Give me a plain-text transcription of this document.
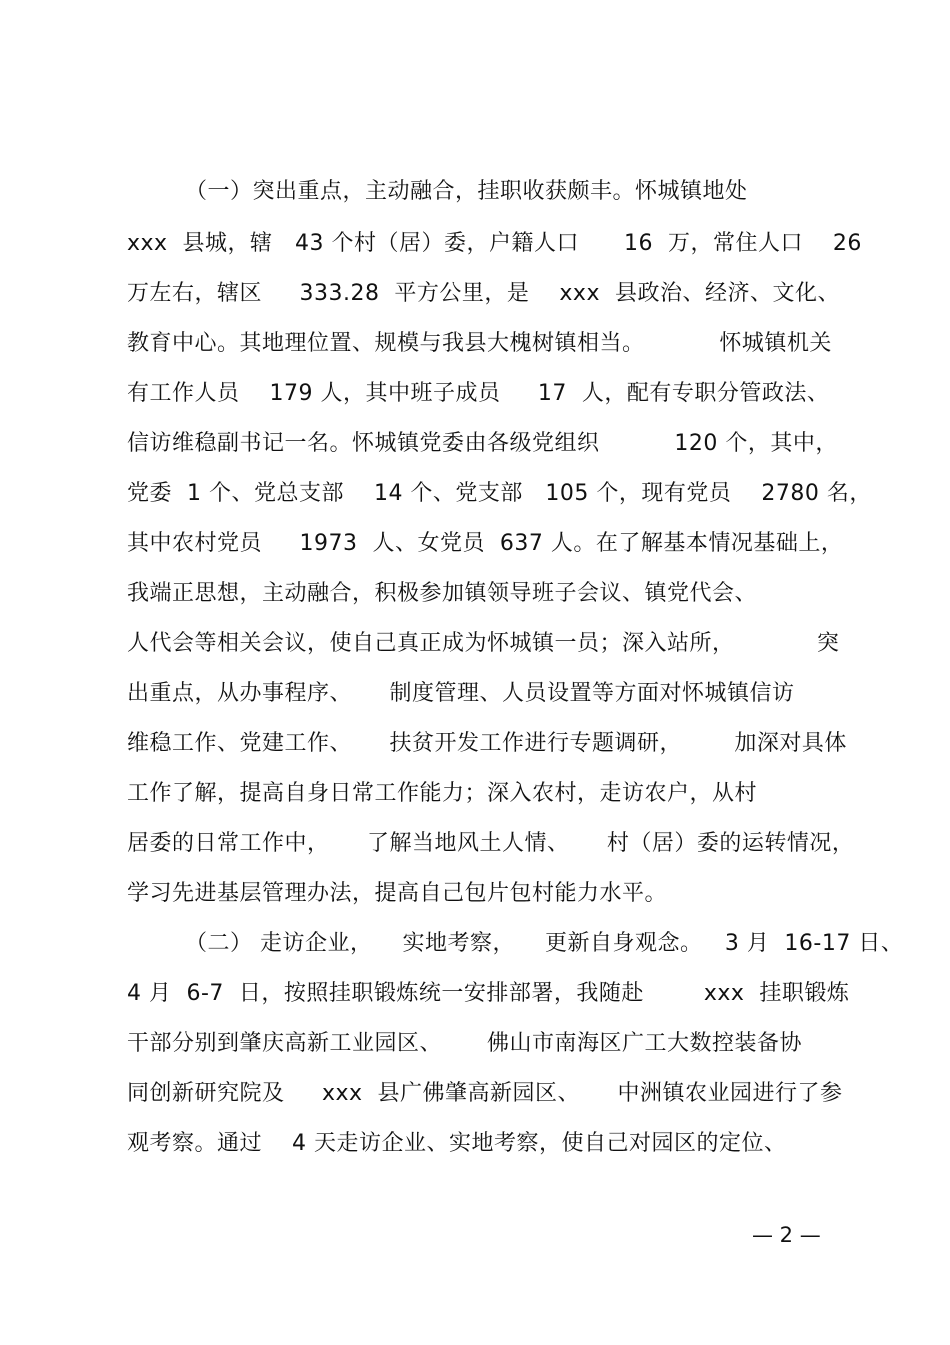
（一）突出重点，主动融合，挂职收获颇丰。怀城镇地处
xxx  县城，辖   43 个村（居）委，户籍人口      16  万，常住人口    26
万左右，辖区     333.28  平方公里，是    xxx  县政治、经济、文化、
教育中心。其地理位置、规模与我县大槐树镇相当。          怀城镇机关
有工作人员    179 人，其中班子成员     17  人，配有专职分管政法、
信访维稳副书记一名。怀城镇党委由各级党组织          120 个，其中，
党委  1 个、党总支部    14 个、党支部   105 个，现有党员    2780 名，
其中农村党员     1973  人、女党员  637 人。在了解基本情况基础上，
我端正思想，主动融合，积极参加镇领导班子会议、镇党代会、
人代会等相关会议，使自己真正成为怀城镇一员；深入站所，           突
出重点，从办事程序、     制度管理、人员设置等方面对怀城镇信访
维稳工作、党建工作、     扶贫开发工作进行专题调研，       加深对具体
工作了解，提高自身日常工作能力；深入农村，走访农户，从村
居委的日常工作中，     了解当地风土人情、     村（居）委的运转情况，
学习先进基层管理办法，提高自己包片包村能力水平。
（二） 走访企业，    实地考察，    更新自身观念。   3 月  16-17 日、
4 月  6-7  日，按照挂职锻炼统一安排部署，我随赴        xxx  挂职锻炼
干部分别到肇庆高新工业园区、      佛山市南海区广工大数控装备协
同创新研究院及     xxx  县广佛肇高新园区、     中洲镇农业园进行了参
观考察。通过    4 天走访企业、实地考察，使自己对园区的定位、
— 2 —
